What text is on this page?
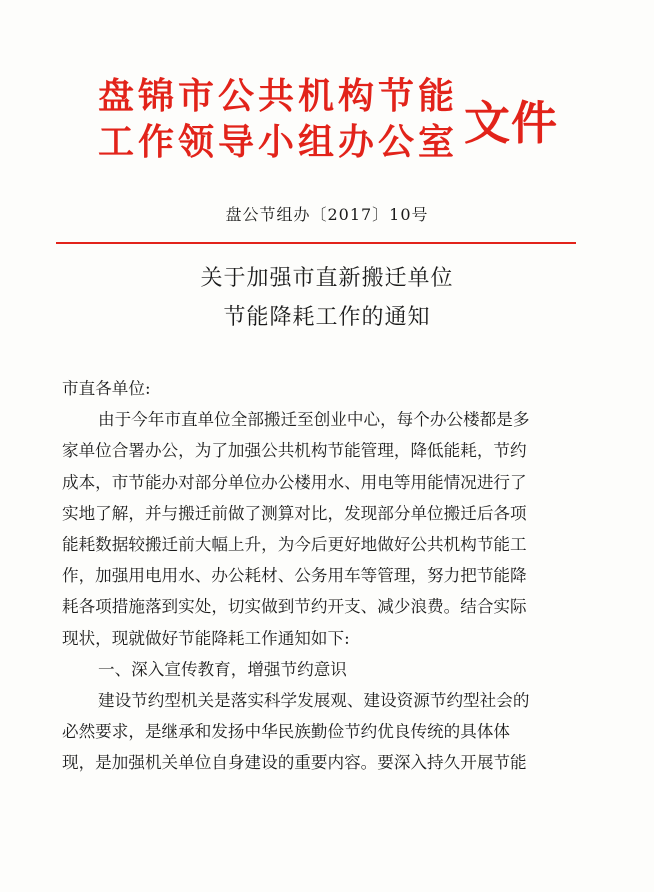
盘锦市公共机构节能
工作领导小组办公室 文件
盘公节组办〔2017〕10号
关于加强市直新搬迁单位
节能降耗工作的通知

市直各单位:

由于今年市直单位全部搬迁至创业中心，每个办公楼都是多

家单位合署办公，为了加强公共机构节能管理，降低能耗，节约

成本，市节能办对部分单位办公楼用水、用电等用能情况进行了

实地了解，并与搬迁前做了测算对比，发现部分单位搬迁后各项

能耗数据较搬迁前大幅上升，为今后更好地做好公共机构节能工

作，加强用电用水、办公耗材、公务用车等管理，努力把节能降

耗各项措施落到实处，切实做到节约开支、减少浪费。结合实际

现状，现就做好节能降耗工作通知如下:

一、深入宣传教育，增强节约意识

建设节约型机关是落实科学发展观、建设资源节约型社会的

必然要求，是继承和发扬中华民族勤俭节约优良传统的具体体

现，是加强机关单位自身建设的重要内容。要深入持久开展节能
